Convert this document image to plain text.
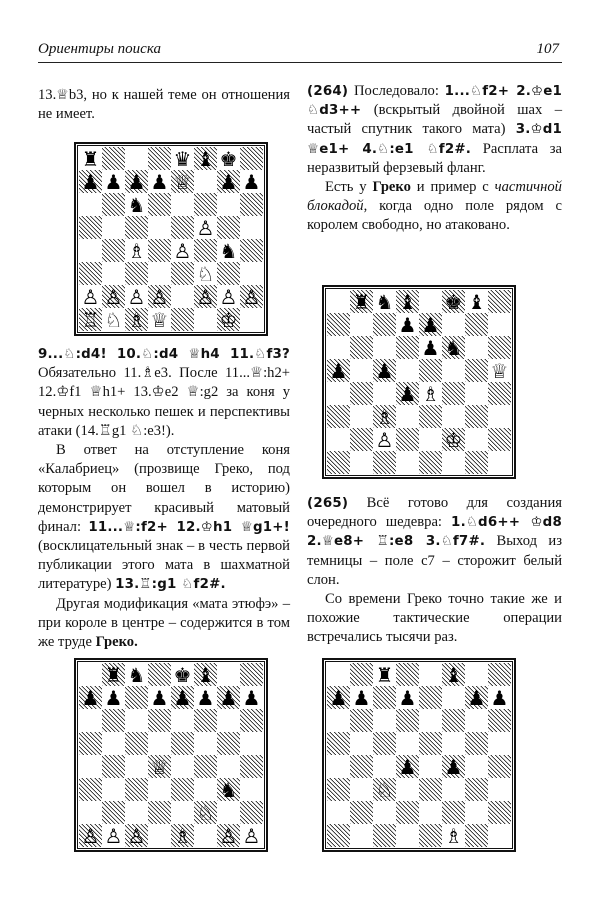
Ориентиры поиска	107

13.♕b3, но к нашей теме он отношения не имеет.

♜	♛ ♝ ♚
♟ ♟ ♟ ♟ ♕ ♟ ♟
♞
♙
♗ ♙ ♞
♘
♙ ♙ ♙ ♙ ♙ ♙ ♙
♖ ♘ ♗ ♕	♔

9...♘:d4! 10.♘:d4 ♕h4 11.♘f3? Обязательно 11.♗e3. После 11...♕:h2+ 12.♔f1 ♕h1+ 13.♔e2 ♕:g2 за коня у черных несколько пешек и перспективы атаки (14.♖g1 ♘:e3!).

В ответ на отступление коня «Калабриец» (прозвище Греко, под которым он вошел в историю) демонстрирует красивый матовый финал: 11...♕:f2+ 12.♔h1 ♕g1+!(восклицательный знак – в честь первой публикации этого мата в шахматной литературе) 13.♖:g1 ♘f2#.

Другая модификация «мата этюфэ» – при короле в центре – содержится в том же труде Греко.

♜ ♞ ♚ ♝
♟ ♟ ♟ ♟ ♟ ♟ ♟
♕
♞
♘
♙ ♙ ♙ ♗ ♙ ♙

(264) Последовало: 1...♘f2+ 2.♔e1 ♘d3++ (вскрытый двойной шах – частый спутник такого мата) 3.♔d1 ♕e1+ 4.♘:e1 ♘f2#. Расплата за неразвитый ферзевый фланг.

Есть у Греко и пример с частичной блокадой, когда одно поле рядом с королем свободно, но атаковано.

♜ ♞ ♝ ♚ ♝
♟ ♟
♟ ♞
♟ ♟	♕
♟ ♗
♗
♙	♔

(265) Всё готово для создания очередного шедевра: 1.♘d6++ ♔d8 2.♕e8+ ♖:e8 3.♘f7#. Выход из темницы – поле c7 – сторожит белый слон.

Со времени Греко точно такие же и похожие тактические операции встречались тысячи раз.

♜	♝
♟ ♟ ♟	♟ ♟
♟ ♟
♘
♗
